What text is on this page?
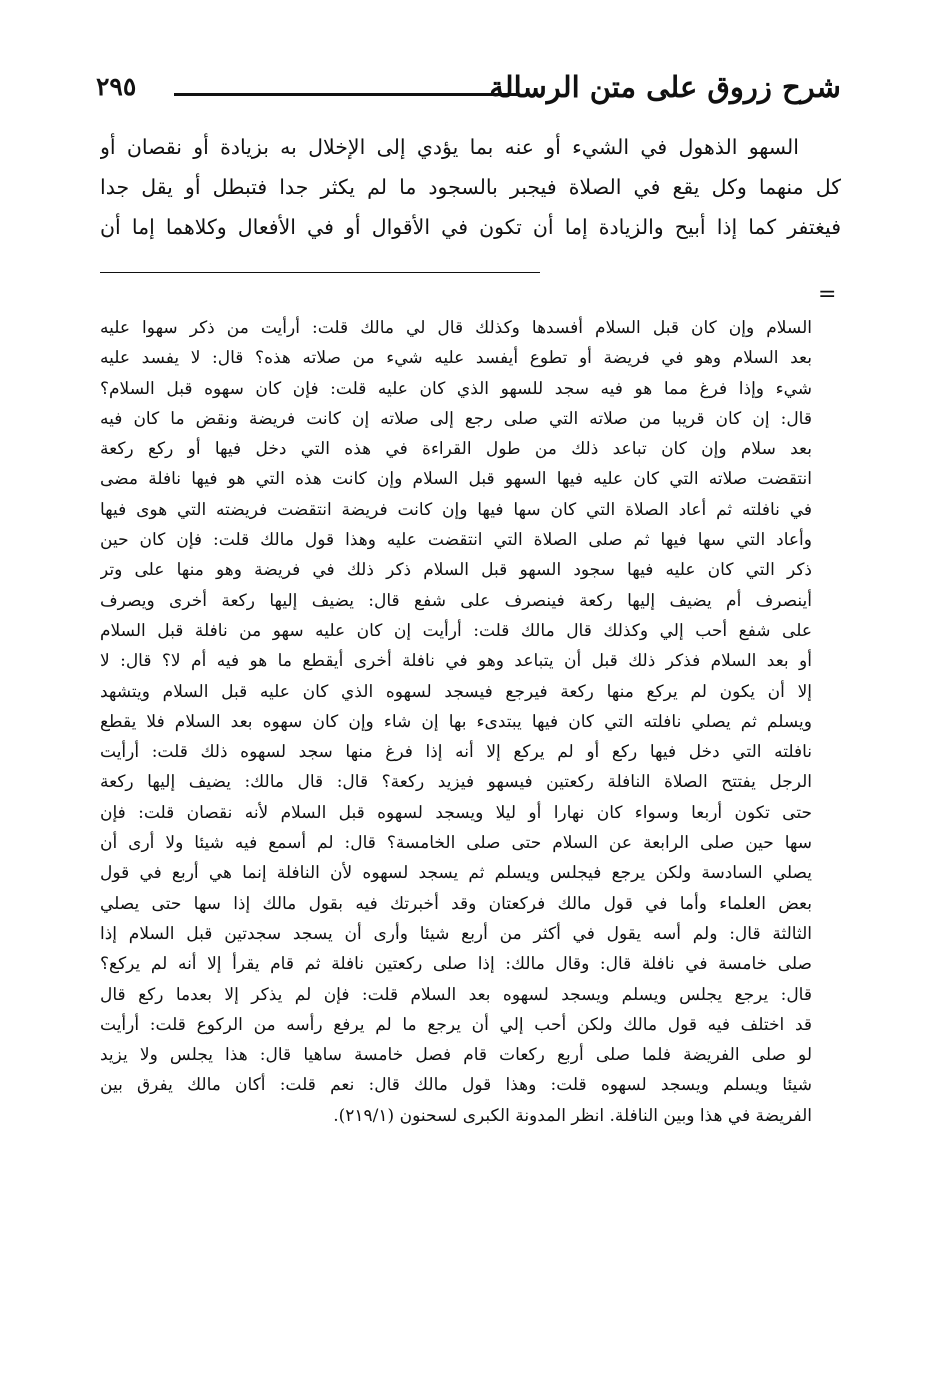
شرح زروق على متن الرسالة
٢٩٥
السهو الذهول في الشيء أو عنه بما يؤدي إلى الإخلال به بزيادة أو نقصان أو
كل منهما وكل يقع في الصلاة فيجبر بالسجود ما لم يكثر جدا فتبطل أو يقل جدا
فيغتفر كما إذا أبيح والزيادة إما أن تكون في الأقوال أو في الأفعال وكلاهما إما أن
=
السلام وإن كان قبل السلام أفسدها وكذلك قال لي مالك قلت: أرأيت من ذكر سهوا عليه
بعد السلام وهو في فريضة أو تطوع أيفسد عليه شيء من صلاته هذه؟ قال: لا يفسد عليه
شيء وإذا فرغ مما هو فيه سجد للسهو الذي كان عليه قلت: فإن كان سهوه قبل السلام؟
قال: إن كان قريبا من صلاته التي صلى رجع إلى صلاته إن كانت فريضة ونقض ما كان فيه
بعد سلام وإن كان تباعد ذلك من طول القراءة في هذه التي دخل فيها أو ركع ركعة
انتقضت صلاته التي كان عليه فيها السهو قبل السلام وإن كانت هذه التي هو فيها نافلة مضى
في نافلته ثم أعاد الصلاة التي كان سها فيها وإن كانت فريضة انتقضت فريضته التي هوى فيها
وأعاد التي سها فيها ثم صلى الصلاة التي انتقضت عليه وهذا قول مالك قلت: فإن كان حين
ذكر التي كان عليه فيها سجود السهو قبل السلام ذكر ذلك في فريضة وهو منها على وتر
أينصرف أم يضيف إليها ركعة فينصرف على شفع قال: يضيف إليها ركعة أخرى ويصرف
على شفع أحب إلي وكذلك قال مالك قلت: أرأيت إن كان عليه سهو من نافلة قبل السلام
أو بعد السلام فذكر ذلك قبل أن يتباعد وهو في نافلة أخرى أيقطع ما هو فيه أم لا؟ قال: لا
إلا أن يكون لم يركع منها ركعة فيرجع فيسجد لسهوه الذي كان عليه قبل السلام ويتشهد
ويسلم ثم يصلي نافلته التي كان فيها يبتدىء بها إن شاء وإن كان سهوه بعد السلام فلا يقطع
نافلته التي دخل فيها ركع أو لم يركع إلا أنه إذا فرغ منها سجد لسهوه ذلك قلت: أرأيت
الرجل يفتتح الصلاة النافلة ركعتين فيسهو فيزيد ركعة؟ قال: قال مالك: يضيف إليها ركعة
حتى تكون أربعا وسواء كان نهارا أو ليلا ويسجد لسهوه قبل السلام لأنه نقصان قلت: فإن
سها حين صلى الرابعة عن السلام حتى صلى الخامسة؟ قال: لم أسمع فيه شيئا ولا أرى أن
يصلي السادسة ولكن يرجع فيجلس ويسلم ثم يسجد لسهوه لأن النافلة إنما هي أربع في قول
بعض العلماء وأما في قول مالك فركعتان وقد أخبرتك فيه بقول مالك إذا سها حتى يصلي
الثالثة قال: ولم أسه يقول في أكثر من أربع شيئا وأرى أن يسجد سجدتين قبل السلام إذا
صلى خامسة في نافلة قال: وقال مالك: إذا صلى ركعتين نافلة ثم قام يقرأ إلا أنه لم يركع؟
قال: يرجع يجلس ويسلم ويسجد لسهوه بعد السلام قلت: فإن لم يذكر إلا بعدما ركع قال
قد اختلف فيه قول مالك ولكن أحب إلي أن يرجع ما لم يرفع رأسه من الركوع قلت: أرأيت
لو صلى الفريضة فلما صلى أربع ركعات قام فصل خامسة ساهيا قال: هذا يجلس ولا يزيد
شيئا ويسلم ويسجد لسهوه قلت: وهذا قول مالك قال: نعم قلت: أكان مالك يفرق بين
الفريضة في هذا وبين النافلة. انظر المدونة الكبرى لسحنون (٢١٩/١).
